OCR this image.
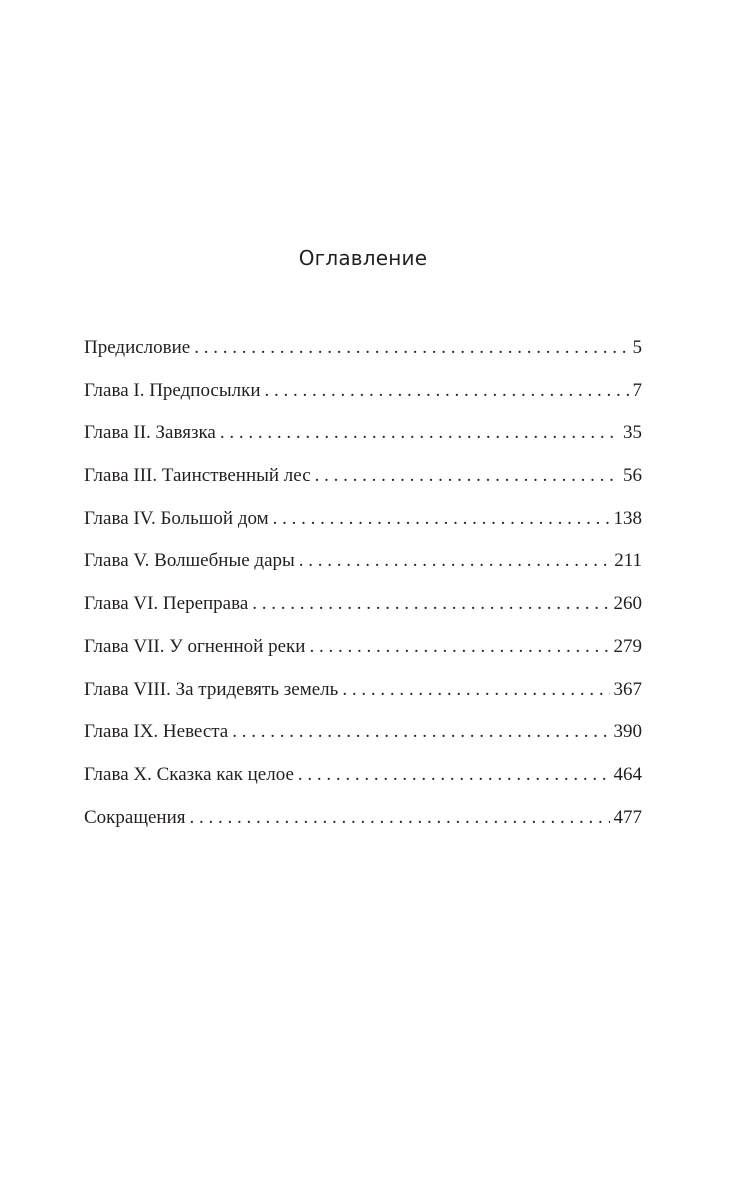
Оглавление
Предисловие . . .	5
Глава I. Предпосылки . . .	7
Глава II. Завязка . . .	35
Глава III. Таинственный лес . . .	56
Глава IV. Большой дом . . .	138
Глава V. Волшебные дары . . .	211
Глава VI. Переправа . . .	260
Глава VII. У огненной реки . . .	279
Глава VIII. За тридевять земель . . .	367
Глава IX. Невеста . . .	390
Глава X. Сказка как целое . . .	464
Сокращения . . .	477
